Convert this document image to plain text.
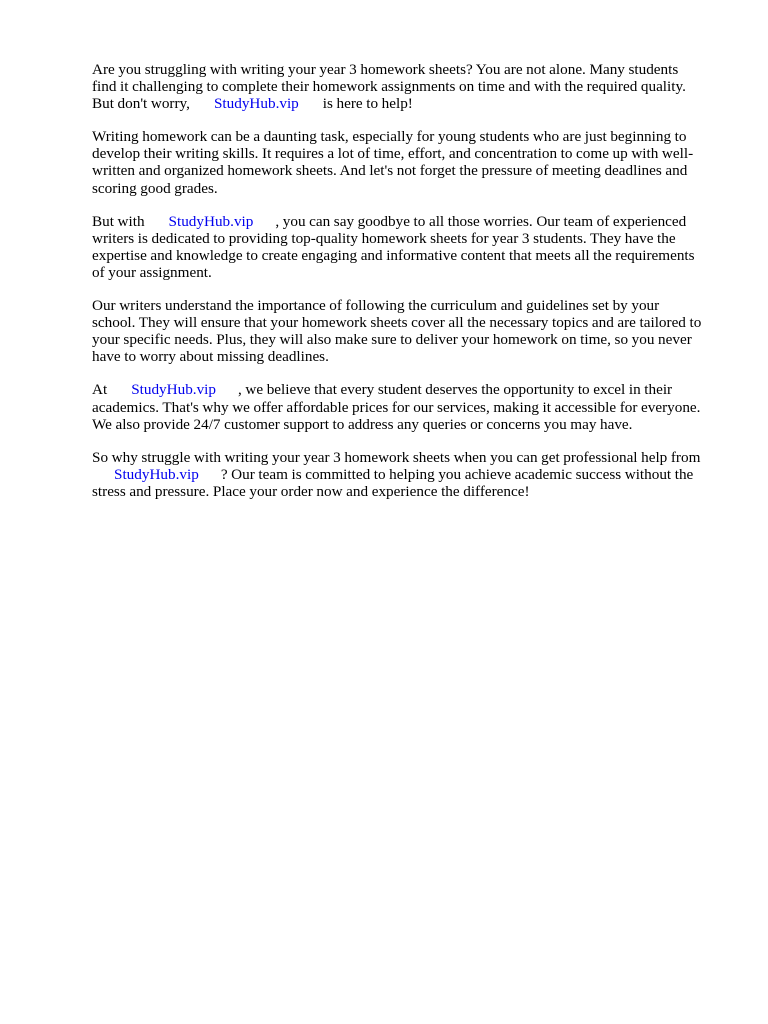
Are you struggling with writing your year 3 homework sheets? You are not alone. Many students
find it challenging to complete their homework assignments on time and with the required quality.
But don't worry, StudyHub.vip is here to help!

Writing homework can be a daunting task, especially for young students who are just beginning to
develop their writing skills. It requires a lot of time, effort, and concentration to come up with well-
written and organized homework sheets. And let's not forget the pressure of meeting deadlines and
scoring good grades.

But with StudyHub.vip , you can say goodbye to all those worries. Our team of experienced
writers is dedicated to providing top-quality homework sheets for year 3 students. They have the
expertise and knowledge to create engaging and informative content that meets all the requirements
of your assignment.

Our writers understand the importance of following the curriculum and guidelines set by your
school. They will ensure that your homework sheets cover all the necessary topics and are tailored to
your specific needs. Plus, they will also make sure to deliver your homework on time, so you never
have to worry about missing deadlines.

At StudyHub.vip , we believe that every student deserves the opportunity to excel in their
academics. That's why we offer affordable prices for our services, making it accessible for everyone.
We also provide 24/7 customer support to address any queries or concerns you may have.

So why struggle with writing your year 3 homework sheets when you can get professional help from
StudyHub.vip ? Our team is committed to helping you achieve academic success without the
stress and pressure. Place your order now and experience the difference!
